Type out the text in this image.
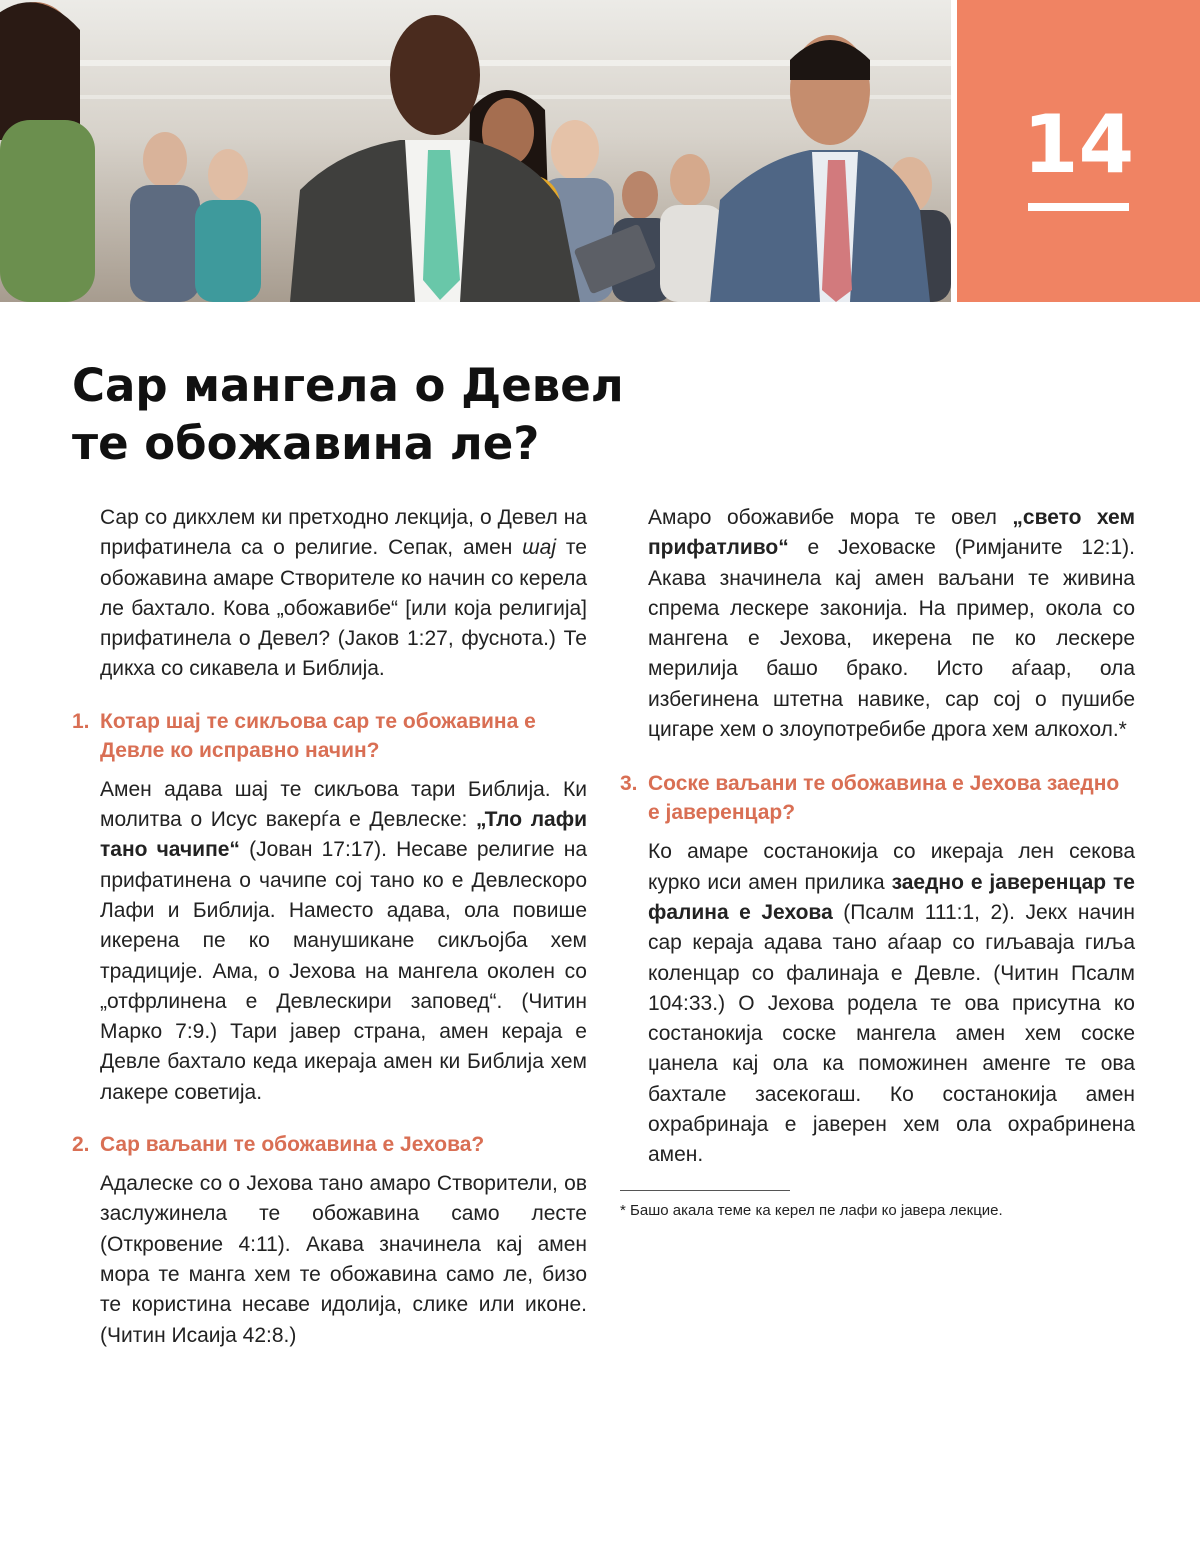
14
Сар мангела о Девел
те обожавина ле?

Сар со дикхлем ки претходно лекција, о Девел на прифатинела са о религие. Сепак, амен шај те обожавина амаре Створителе ко начин со керела ле бахтало. Кова „обожавибе“ [или која религија] прифатинела о Девел? (Јаков 1:27, фуснота.) Те дикха со сикавела и Библија.

1. Котар шај те сикљова сар те обожавина е Девле ко исправно начин?

Амен адава шај те сикљова тари Библија. Ки молитва о Исус вакерѓа е Девлеске: „Тло лафи тано чачипе“ (Јован 17:17). Несаве религие на прифатинена о чачипе сој тано ко е Девлескоро Лафи и Библија. Наместо адава, ола повише икерена пе ко манушикане сикљојба хем традиције. Ама, о Јехова на мангела околен со „отфрлинена е Девлескири заповед“. (Читин Марко 7:9.) Тари јавер страна, амен кераја е Девле бахтало кеда икераја амен ки Библија хем лакере советија.

2. Сар ваљани те обожавина е Јехова?

Адалеске со о Јехова тано амаро Створители, ов заслужинела те обожавина само лесте (Откровение 4:11). Акава значинела кај амен мора те манга хем те обожавина само ле, бизо те користина несаве идолија, слике или иконе. (Читин Исаија 42:8.)

Амаро обожавибе мора те овел „свето хем прифатливо“ е Јеховаске (Римјаните 12:1). Акава значинела кај амен ваљани те живина спрема лескере законија. На пример, окола со мангена е Јехова, икерена пе ко лескере мерилија башо брако. Исто аѓаар, ола избегинена штетна навике, сар сој о пушибе цигаре хем о злоупотребибе дрога хем алкохол.*

3. Соске ваљани те обожавина е Јехова заедно е јаверенцар?

Ко амаре состанокија со икераја лен секова курко иси амен прилика заедно е јаверенцар те фалина е Јехова (Псалм 111:1, 2). Јекх начин сар кераја адава тано аѓаар со гиљаваја гиља коленцар со фалинаја е Девле. (Читин Псалм 104:33.) О Јехова родела те ова присутна ко состанокија соске мангела амен хем соске џанела кај ола ка поможинен аменге те ова бахтале засекогаш. Ко состанокија амен охрабринаја е јаверен хем ола охрабринена амен.

* Башо акала теме ка керел пе лафи ко јавера лекцие.
